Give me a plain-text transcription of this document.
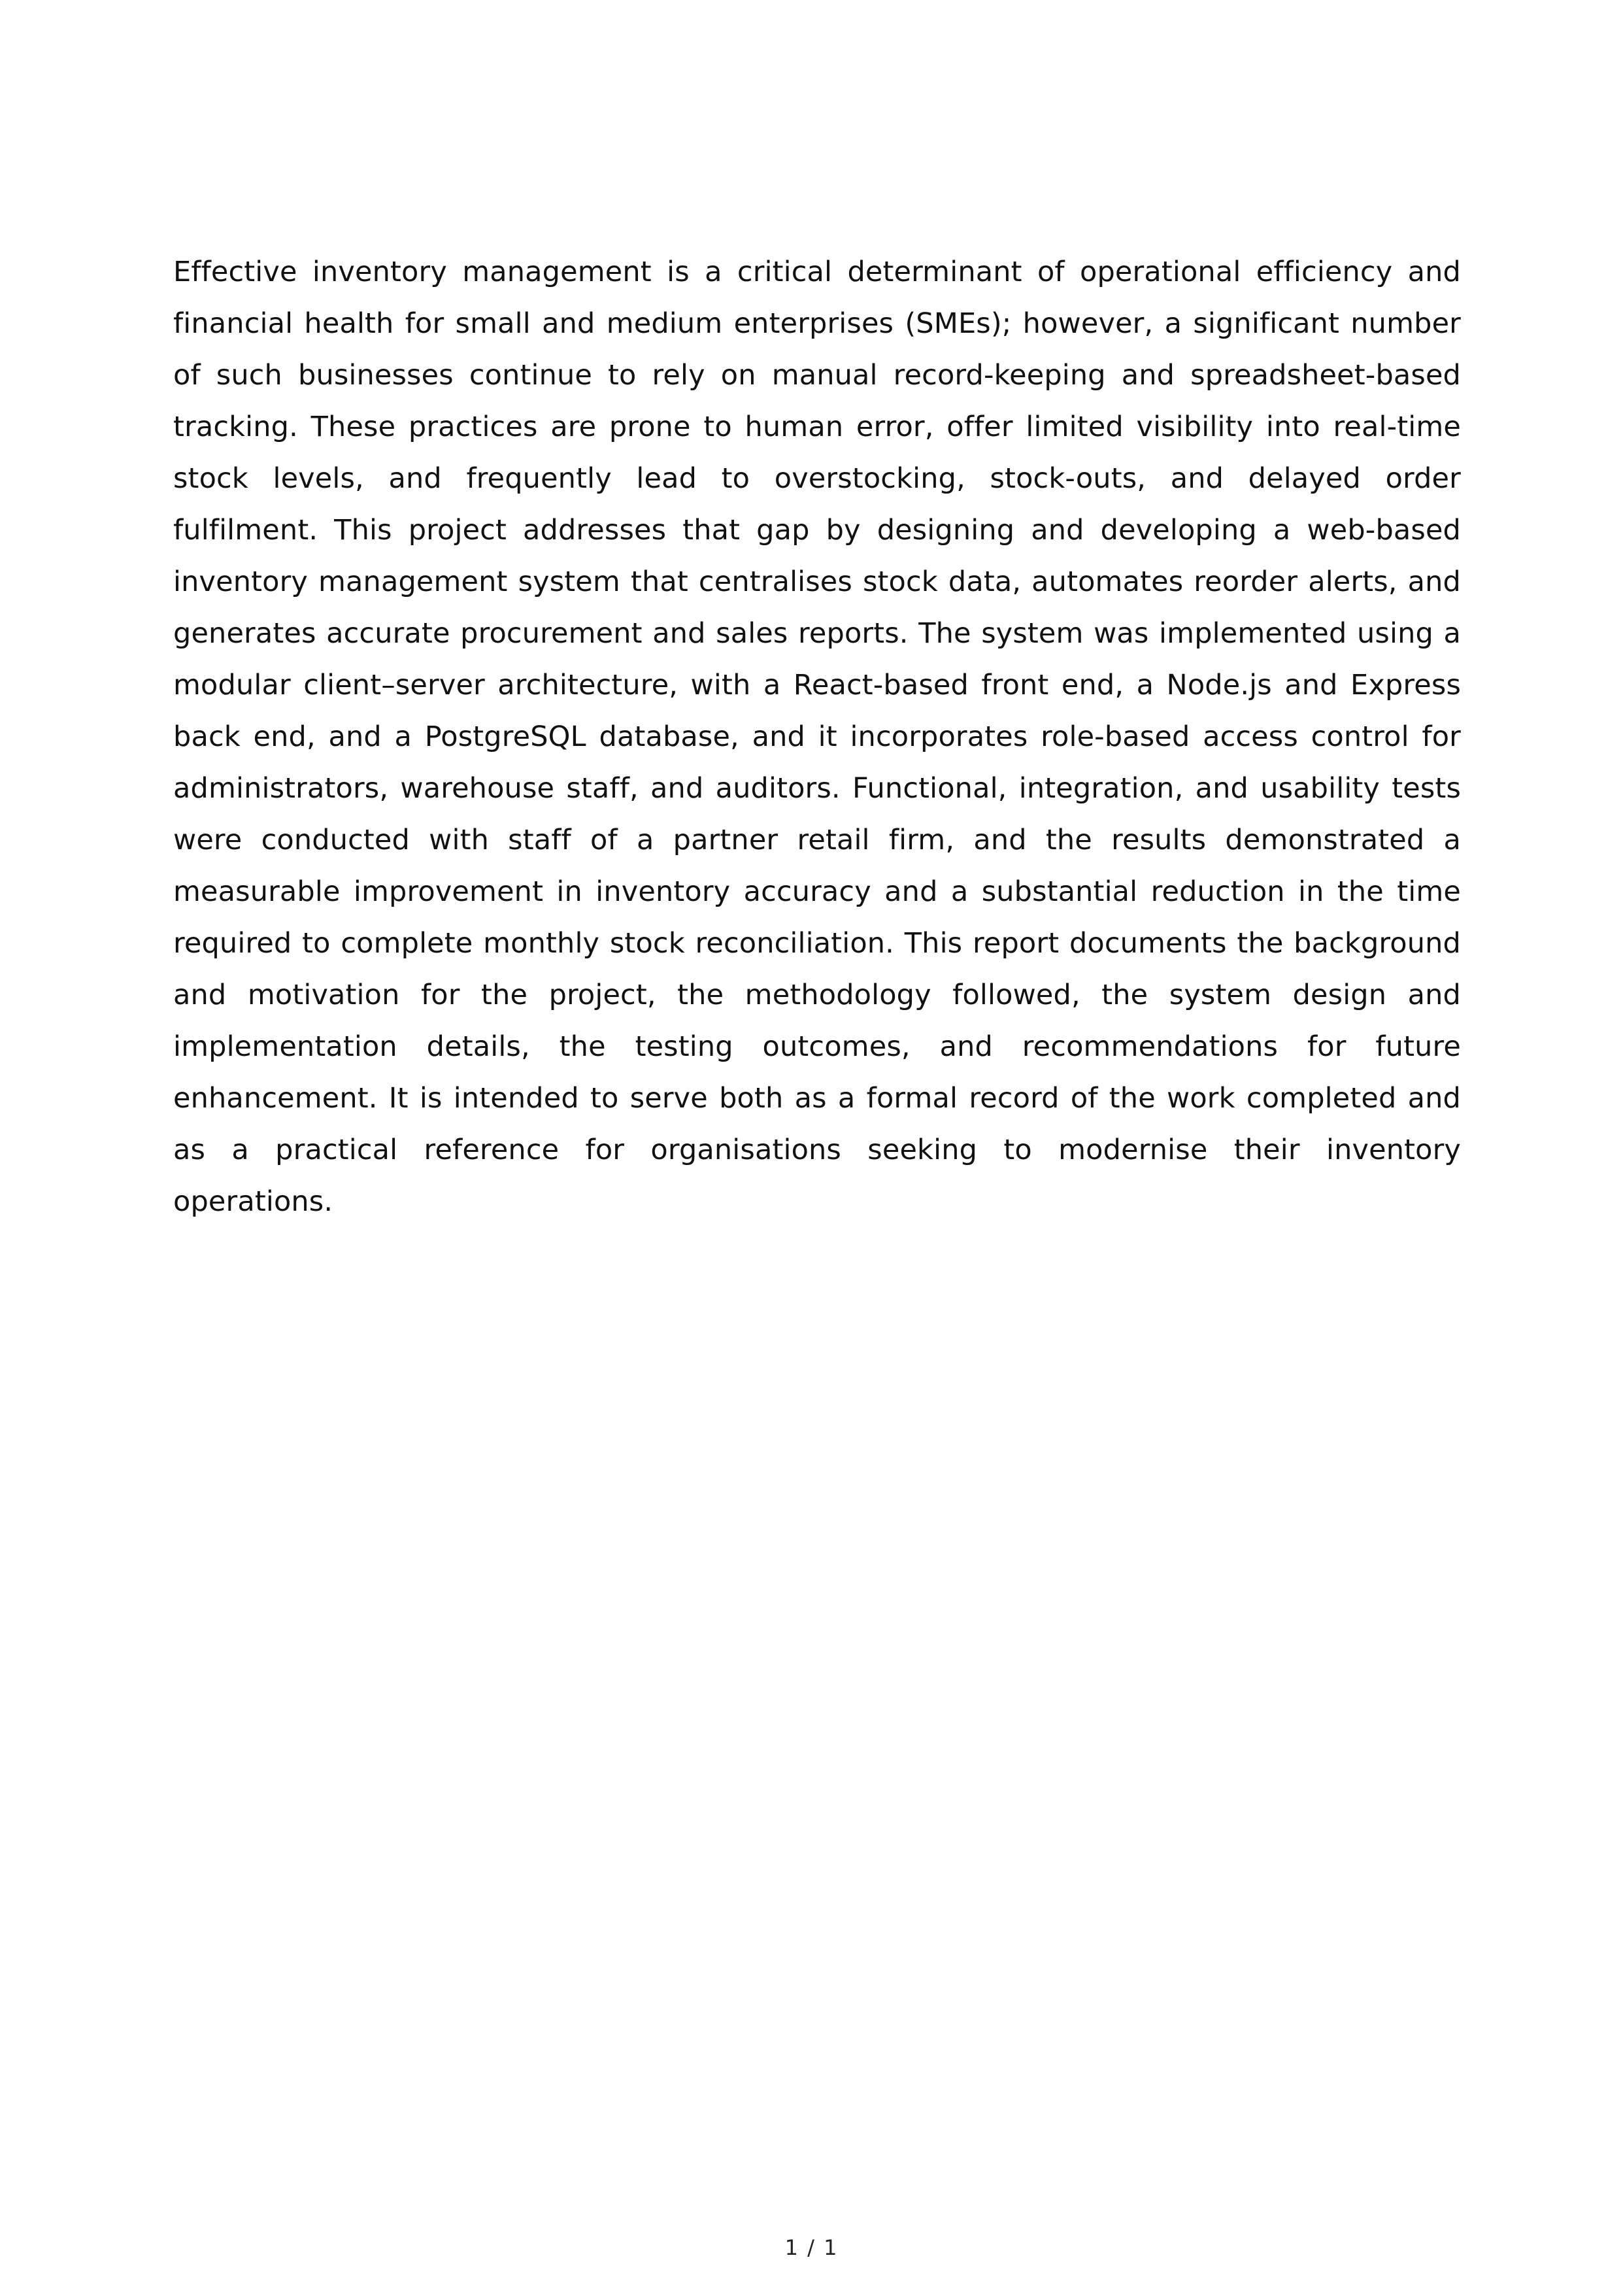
Effective inventory management is a critical determinant of operational efficiency and financial health for small and medium enterprises (SMEs); however, a significant number of such businesses continue to rely on manual record-keeping and spreadsheet-based tracking. These practices are prone to human error, offer limited visibility into real-time stock levels, and frequently lead to overstocking, stock-outs, and delayed order fulfilment. This project addresses that gap by designing and developing a web-based inventory management system that centralises stock data, automates reorder alerts, and generates accurate procurement and sales reports. The system was implemented using a modular client–server architecture, with a React-based front end, a Node.js and Express back end, and a PostgreSQL database, and it incorporates role-based access control for administrators, warehouse staff, and auditors. Functional, integration, and usability tests were conducted with staff of a partner retail firm, and the results demonstrated a measurable improvement in inventory accuracy and a substantial reduction in the time required to complete monthly stock reconciliation. This report documents the background and motivation for the project, the methodology followed, the system design and implementation details, the testing outcomes, and recommendations for future enhancement. It is intended to serve both as a formal record of the work completed and as a practical reference for organisations seeking to modernise their inventory operations.

1 / 1
